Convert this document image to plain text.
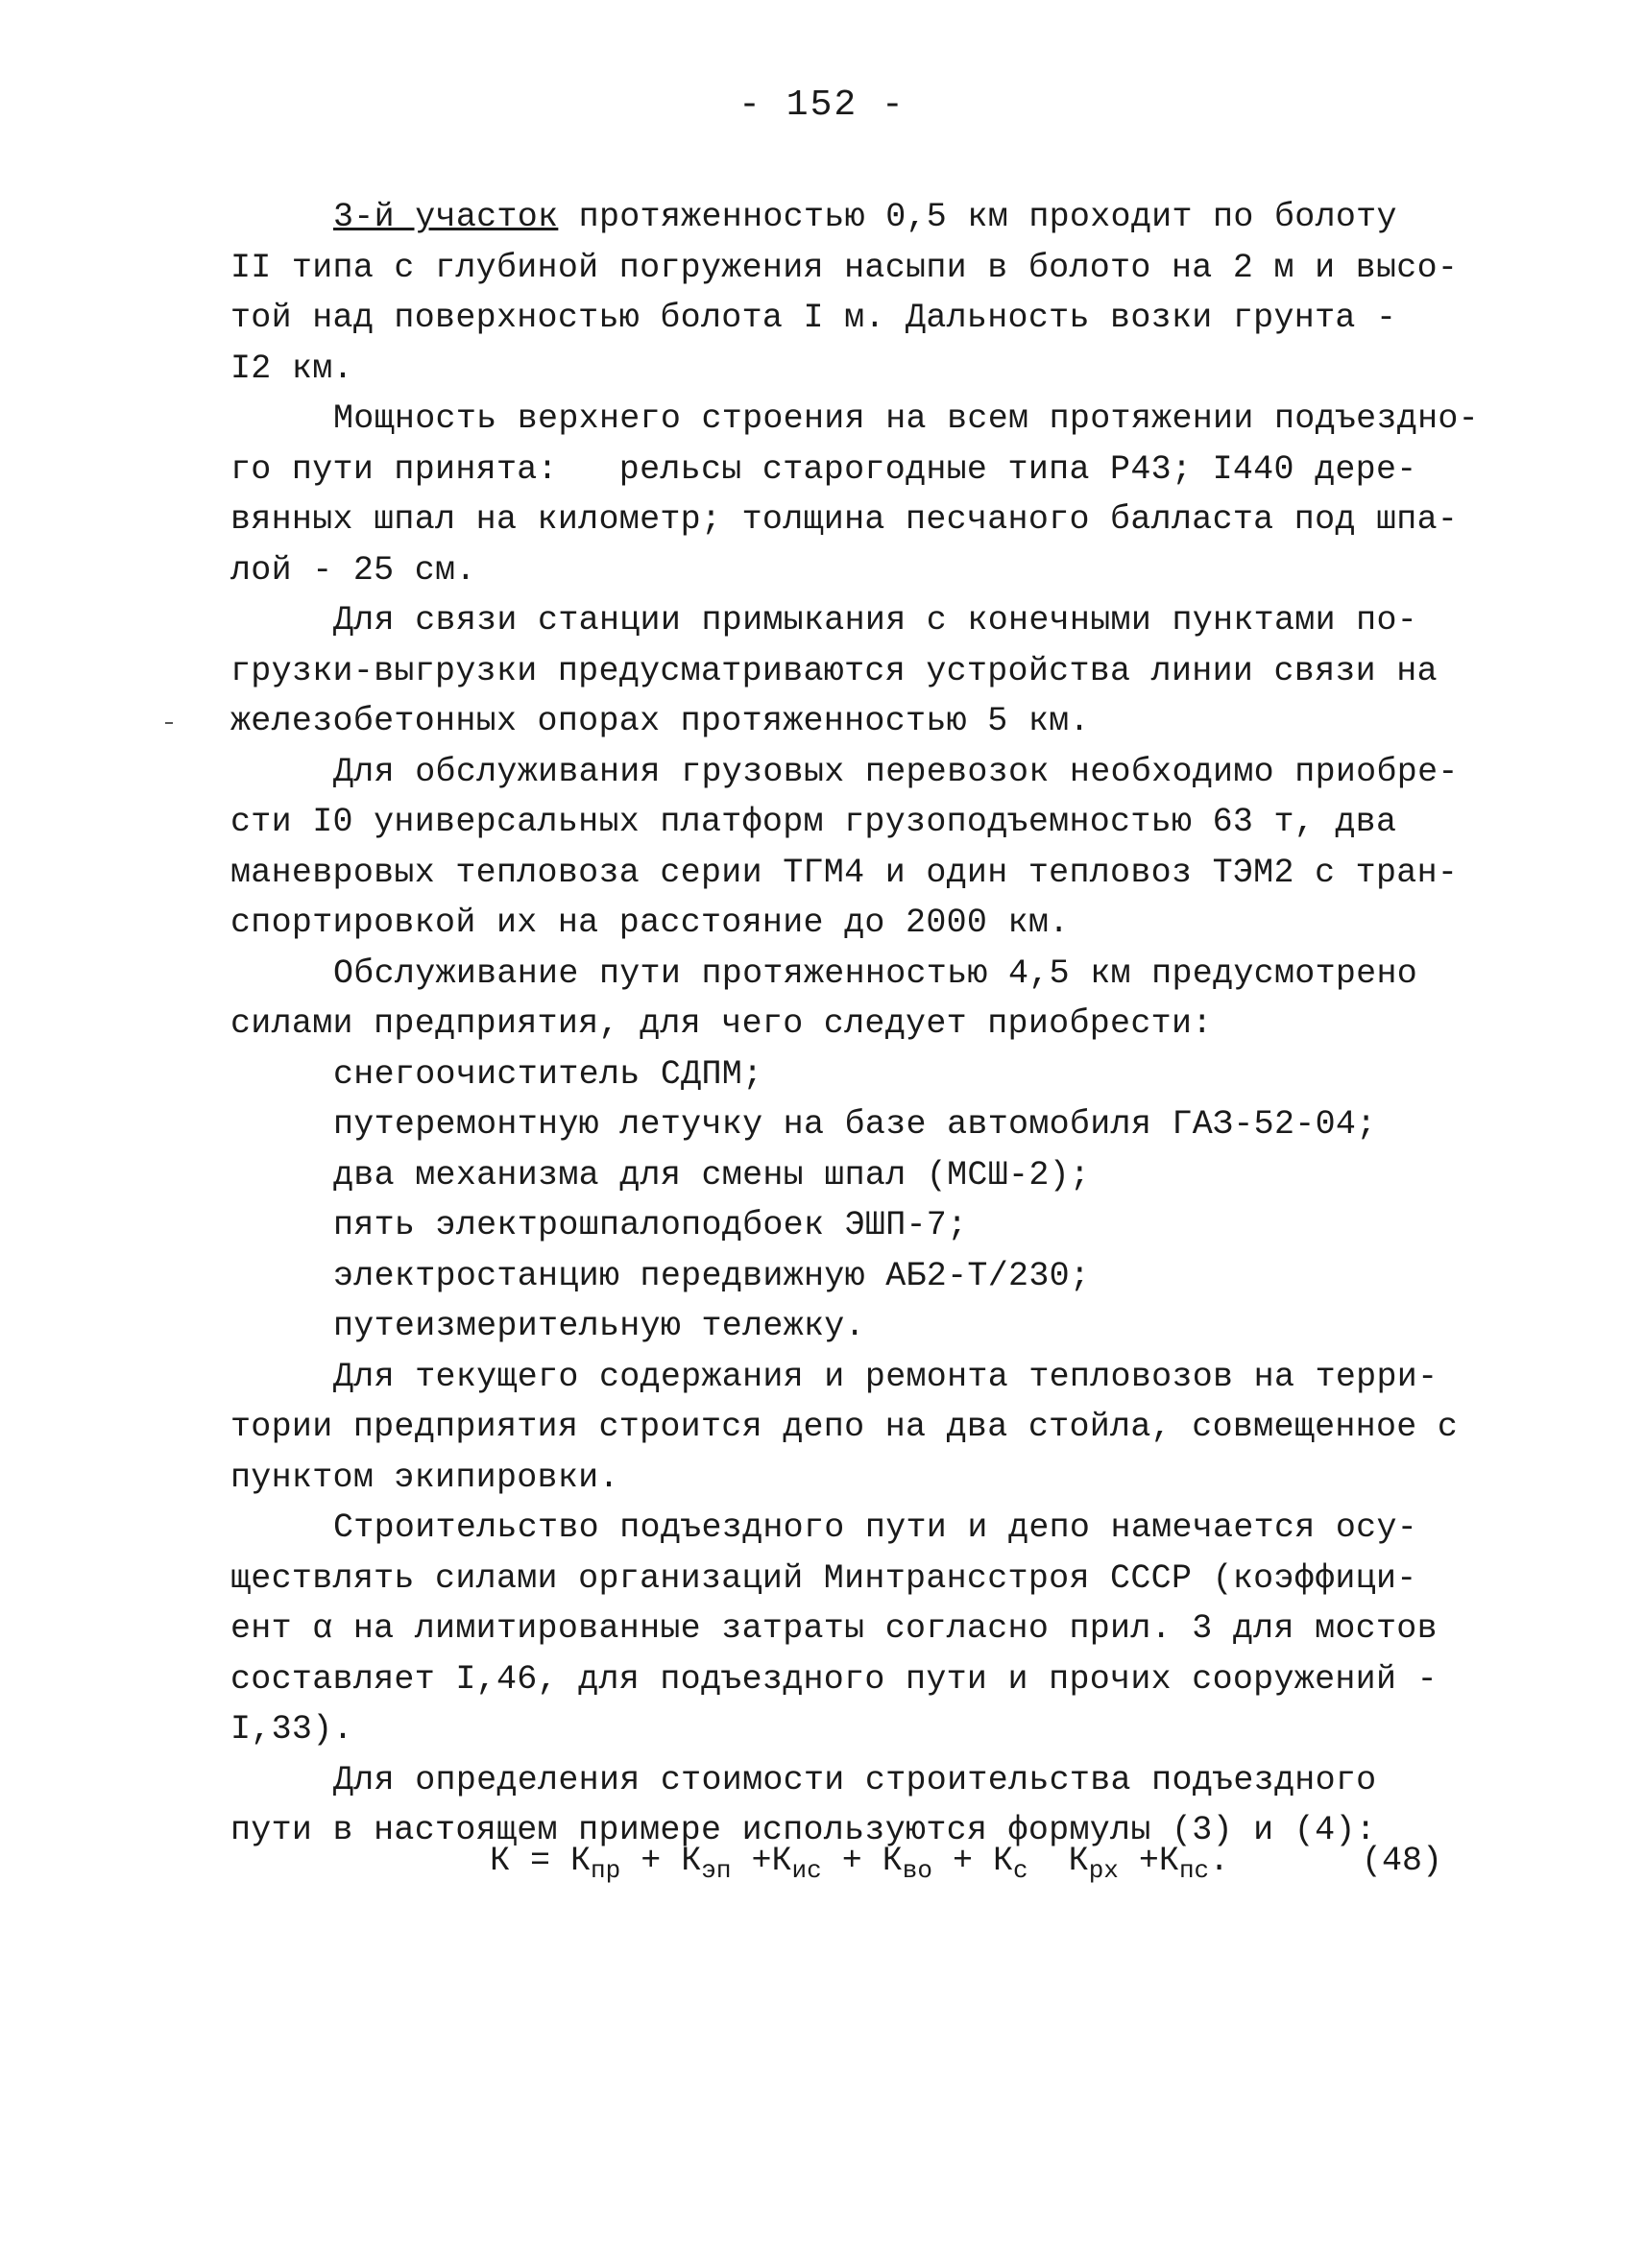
- 152 -
3-й участок протяженностью 0,5 км проходит по болоту
II типа с глубиной погружения насыпи в болото на 2 м и высо-
той над поверхностью болота I м. Дальность возки грунта -
I2 км.
Мощность верхнего строения на всем протяжении подъездно-
го пути принята:   рельсы старогодные типа Р43; I440 дере-
вянных шпал на километр; толщина песчаного балласта под шпа-
лой - 25 см.
Для связи станции примыкания с конечными пунктами по-
грузки-выгрузки предусматриваются устройства линии связи на
железобетонных опорах протяженностью 5 км.
Для обслуживания грузовых перевозок необходимо приобре-
сти I0 универсальных платформ грузоподъемностью 63 т, два
маневровых тепловоза серии ТГМ4 и один тепловоз ТЭМ2 с тран-
спортировкой их на расстояние до 2000 км.
Обслуживание пути протяженностью 4,5 км предусмотрено
силами предприятия, для чего следует приобрести:
снегоочиститель СДПМ;
путеремонтную летучку на базе автомобиля ГАЗ-52-04;
два механизма для смены шпал (МСШ-2);
пять электрошпалоподбоек ЭШП-7;
электростанцию передвижную АБ2-Т/230;
путеизмерительную тележку.
Для текущего содержания и ремонта тепловозов на терри-
тории предприятия строится депо на два стойла, совмещенное с
пунктом экипировки.
Строительство подъездного пути и депо намечается осу-
ществлять силами организаций Минтрансстроя СССР (коэффици-
ент α на лимитированные затраты согласно прил. 3 для мостов
составляет I,46, для подъездного пути и прочих сооружений -
I,33).
Для определения стоимости строительства подъездного
пути в настоящем примере используются формулы (3) и (4):
$К = К_{пр} + К_{эп} +К_{ис} + К_{во} + К_с$ $К_{рх} +К_{пс}$.	(48)
